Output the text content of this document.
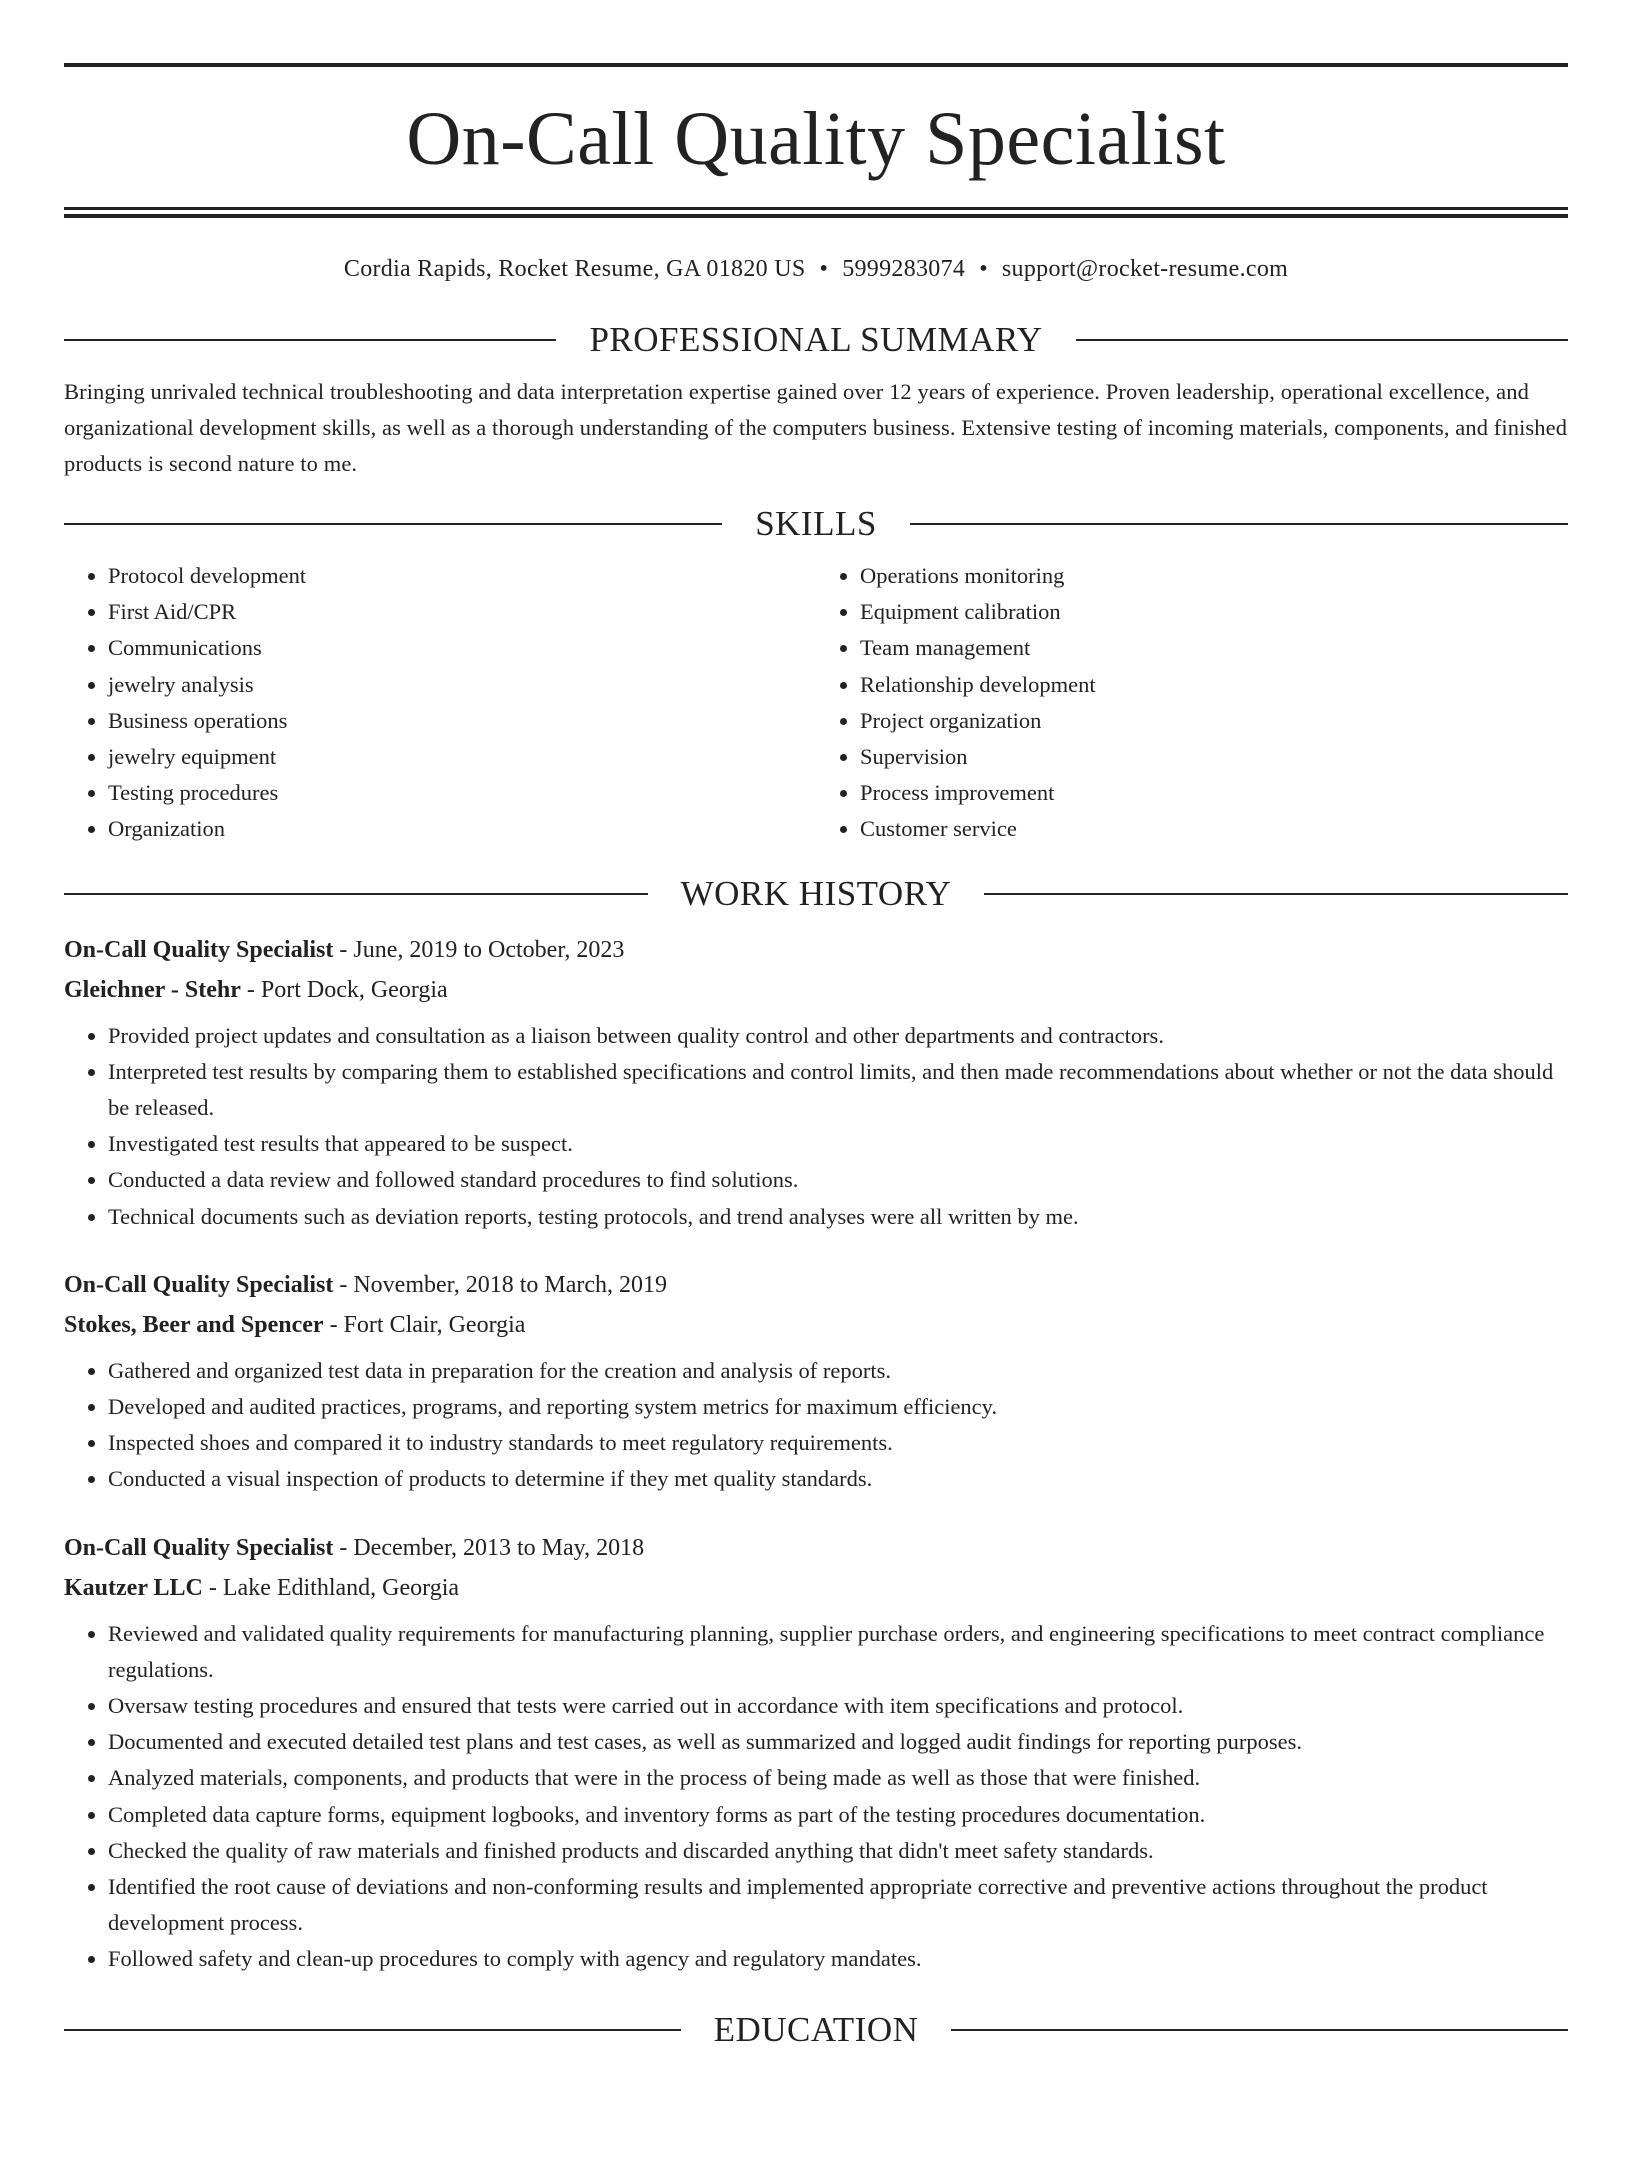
On-Call Quality Specialist
Cordia Rapids, Rocket Resume, GA 01820 US • 5999283074 • support@rocket-resume.com
PROFESSIONAL SUMMARY

Bringing unrivaled technical troubleshooting and data interpretation expertise gained over 12 years of experience. Proven leadership, operational excellence, and organizational development skills, as well as a thorough understanding of the computers business. Extensive testing of incoming materials, components, and finished products is second nature to me.

SKILLS
• Protocol development
• First Aid/CPR
• Communications
• jewelry analysis
• Business operations
• jewelry equipment
• Testing procedures
• Organization
• Operations monitoring
• Equipment calibration
• Team management
• Relationship development
• Project organization
• Supervision
• Process improvement
• Customer service
WORK HISTORY

On-Call Quality Specialist - June, 2019 to October, 2023

Gleichner - Stehr - Port Dock, Georgia

• Provided project updates and consultation as a liaison between quality control and other departments and contractors.
• Interpreted test results by comparing them to established specifications and control limits, and then made recommendations about whether or not the data should be released.
• Investigated test results that appeared to be suspect.
• Conducted a data review and followed standard procedures to find solutions.
• Technical documents such as deviation reports, testing protocols, and trend analyses were all written by me.

On-Call Quality Specialist - November, 2018 to March, 2019

Stokes, Beer and Spencer - Fort Clair, Georgia

• Gathered and organized test data in preparation for the creation and analysis of reports.
• Developed and audited practices, programs, and reporting system metrics for maximum efficiency.
• Inspected shoes and compared it to industry standards to meet regulatory requirements.
• Conducted a visual inspection of products to determine if they met quality standards.

On-Call Quality Specialist - December, 2013 to May, 2018

Kautzer LLC - Lake Edithland, Georgia

• Reviewed and validated quality requirements for manufacturing planning, supplier purchase orders, and engineering specifications to meet contract compliance regulations.
• Oversaw testing procedures and ensured that tests were carried out in accordance with item specifications and protocol.
• Documented and executed detailed test plans and test cases, as well as summarized and logged audit findings for reporting purposes.
• Analyzed materials, components, and products that were in the process of being made as well as those that were finished.
• Completed data capture forms, equipment logbooks, and inventory forms as part of the testing procedures documentation.
• Checked the quality of raw materials and finished products and discarded anything that didn't meet safety standards.
• Identified the root cause of deviations and non-conforming results and implemented appropriate corrective and preventive actions throughout the product development process.
• Followed safety and clean-up procedures to comply with agency and regulatory mandates.
EDUCATION
